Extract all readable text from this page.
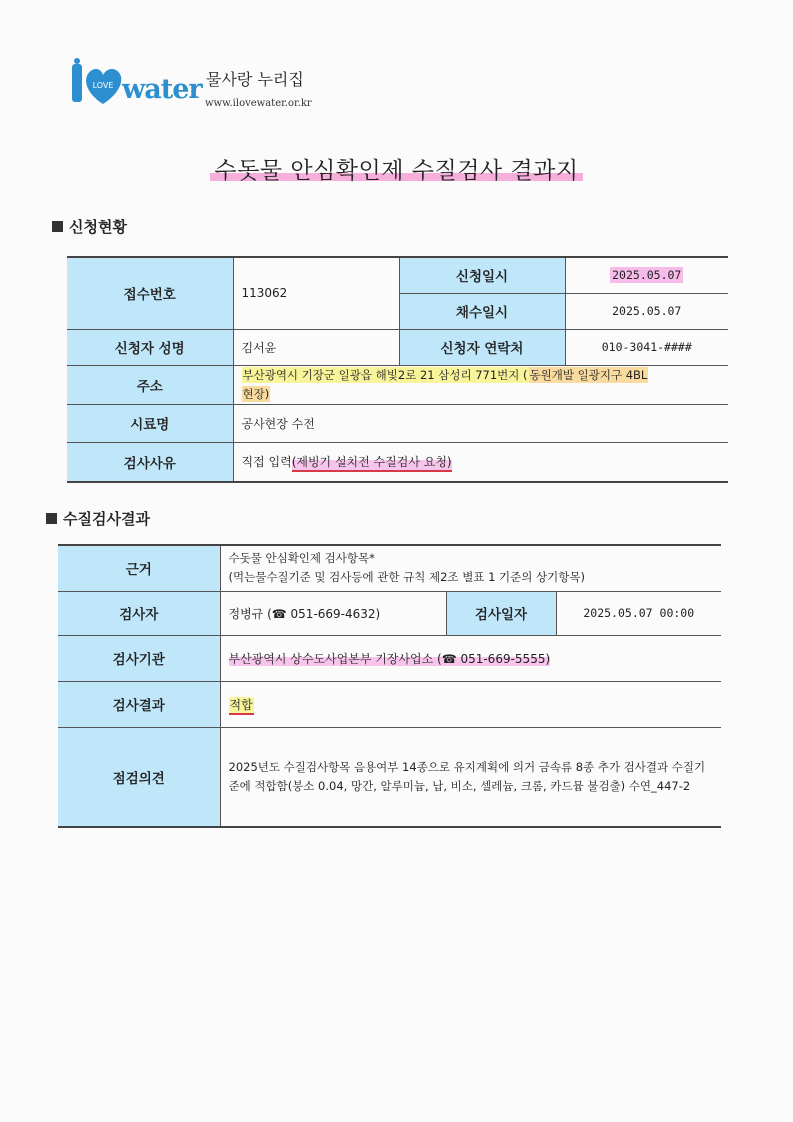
LOVE water 물사랑 누리집
www.ilovewater.or.kr
수돗물 안심확인제 수질검사 결과지
신청현황
접수번호	113062	신청일시	2025.05.07
		채수일시	2025.05.07
신청자 성명	김서윤	신청자 연락처	010-3041-####
주소	부산광역시 기장군 일광읍 해빛2로 21 삼성리 771번지 ( 동원개발 일광지구 4BL
현장)		
시료명	공사현장 수전		
검사사유	직접 입력(제빙기 설치전 수질검사 요청)		
수질검사결과
근거	수돗물 안심확인제 검사항목*
(먹는물수질기준 및 검사등에 관한 규칙 제2조 별표 1 기준의 상기항목)		
검사자	정병규 (☎ 051-669-4632)	검사일자	2025.05.07 00:00
검사기관	부산광역시 상수도사업본부 기장사업소 (☎ 051-669-5555)		
검사결과	적합		
점검의견	2025년도 수질검사항목 음용여부 14종으로 유지계획에 의거 금속류 8종 추가 검사결과 수질기준에 적합함(붕소 0.04, 망간, 알루미늄, 납, 비소, 셀레늄, 크롬, 카드뮴 불검출) 수연_447-2		
